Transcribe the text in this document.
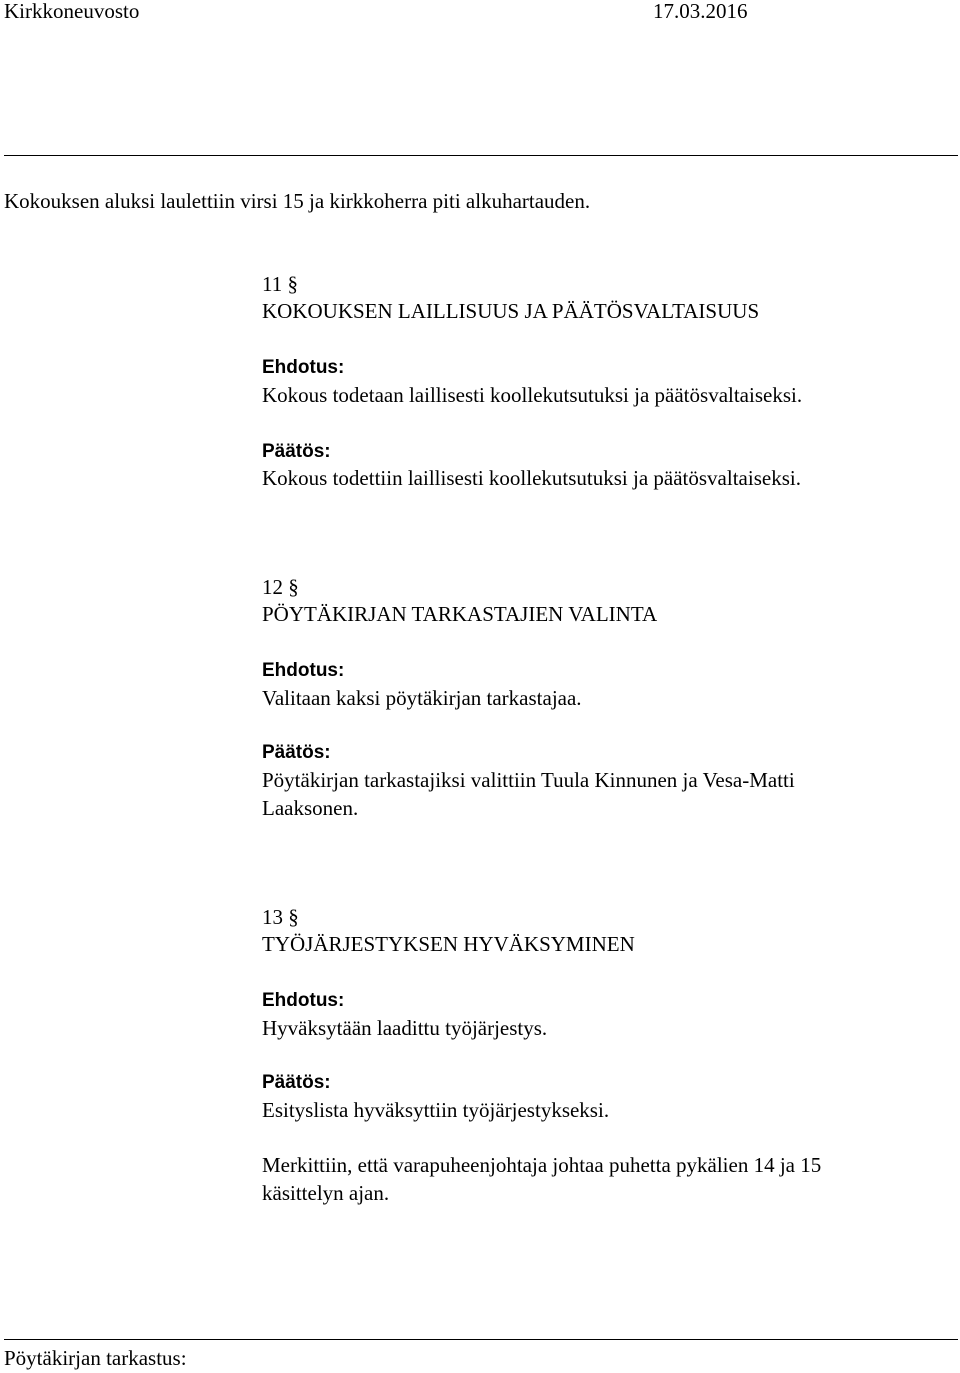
Kirkkoneuvosto	17.03.2016
Kokouksen aluksi laulettiin virsi 15 ja kirkkoherra piti alkuhartauden.
11 §
KOKOUKSEN LAILLISUUS JA PÄÄTÖSVALTAISUUS
Ehdotus:
Kokous todetaan laillisesti koollekutsutuksi ja päätösvaltaiseksi.
Päätös:
Kokous todettiin laillisesti koollekutsutuksi ja päätösvaltaiseksi.
12 §
PÖYTÄKIRJAN TARKASTAJIEN VALINTA
Ehdotus:
Valitaan kaksi pöytäkirjan tarkastajaa.
Päätös:
Pöytäkirjan tarkastajiksi valittiin Tuula Kinnunen ja Vesa-Matti
Laaksonen.
13 §
TYÖJÄRJESTYKSEN HYVÄKSYMINEN
Ehdotus:
Hyväksytään laadittu työjärjestys.
Päätös:
Esityslista hyväksyttiin työjärjestykseksi.
Merkittiin, että varapuheenjohtaja johtaa puhetta pykälien 14 ja 15
käsittelyn ajan.
Pöytäkirjan tarkastus:
